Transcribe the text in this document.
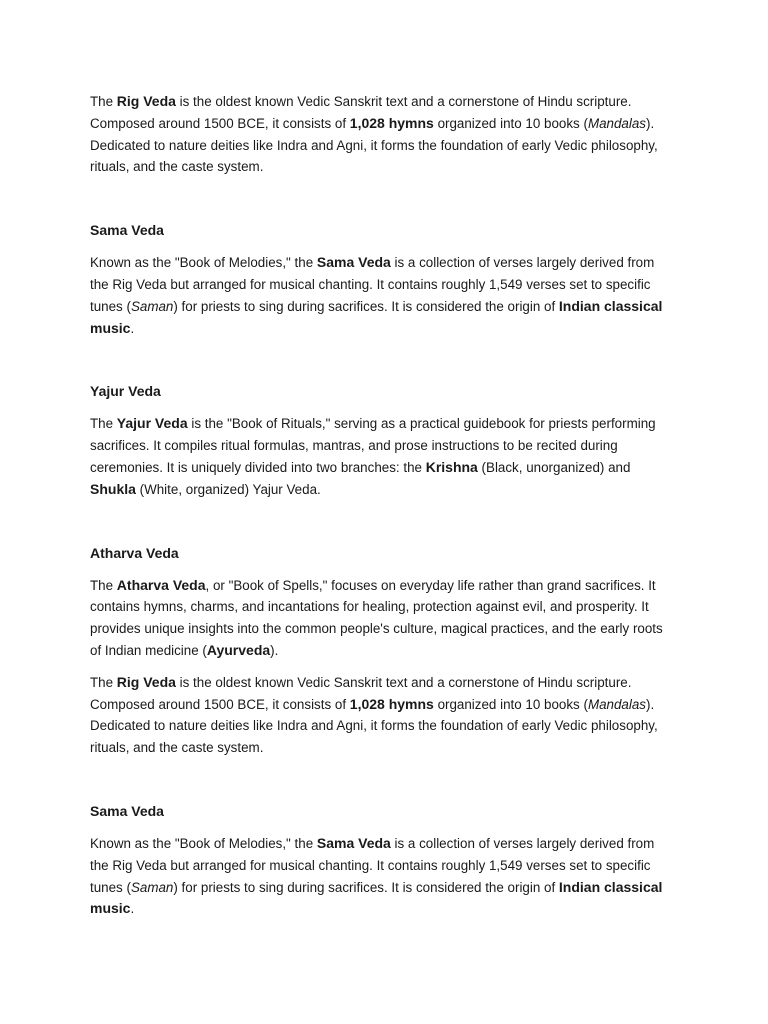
The Rig Veda is the oldest known Vedic Sanskrit text and a cornerstone of Hindu scripture. Composed around 1500 BCE, it consists of 1,028 hymns organized into 10 books (Mandalas). Dedicated to nature deities like Indra and Agni, it forms the foundation of early Vedic philosophy, rituals, and the caste system.

Sama Veda

Known as the "Book of Melodies," the Sama Veda is a collection of verses largely derived from the Rig Veda but arranged for musical chanting. It contains roughly 1,549 verses set to specific tunes (Saman) for priests to sing during sacrifices. It is considered the origin of Indian classical music.

Yajur Veda

The Yajur Veda is the "Book of Rituals," serving as a practical guidebook for priests performing sacrifices. It compiles ritual formulas, mantras, and prose instructions to be recited during ceremonies. It is uniquely divided into two branches: the Krishna (Black, unorganized) and Shukla (White, organized) Yajur Veda.

Atharva Veda

The Atharva Veda, or "Book of Spells," focuses on everyday life rather than grand sacrifices. It contains hymns, charms, and incantations for healing, protection against evil, and prosperity. It provides unique insights into the common people's culture, magical practices, and the early roots of Indian medicine (Ayurveda).

The Rig Veda is the oldest known Vedic Sanskrit text and a cornerstone of Hindu scripture. Composed around 1500 BCE, it consists of 1,028 hymns organized into 10 books (Mandalas). Dedicated to nature deities like Indra and Agni, it forms the foundation of early Vedic philosophy, rituals, and the caste system.

Sama Veda

Known as the "Book of Melodies," the Sama Veda is a collection of verses largely derived from the Rig Veda but arranged for musical chanting. It contains roughly 1,549 verses set to specific tunes (Saman) for priests to sing during sacrifices. It is considered the origin of Indian classical music.
